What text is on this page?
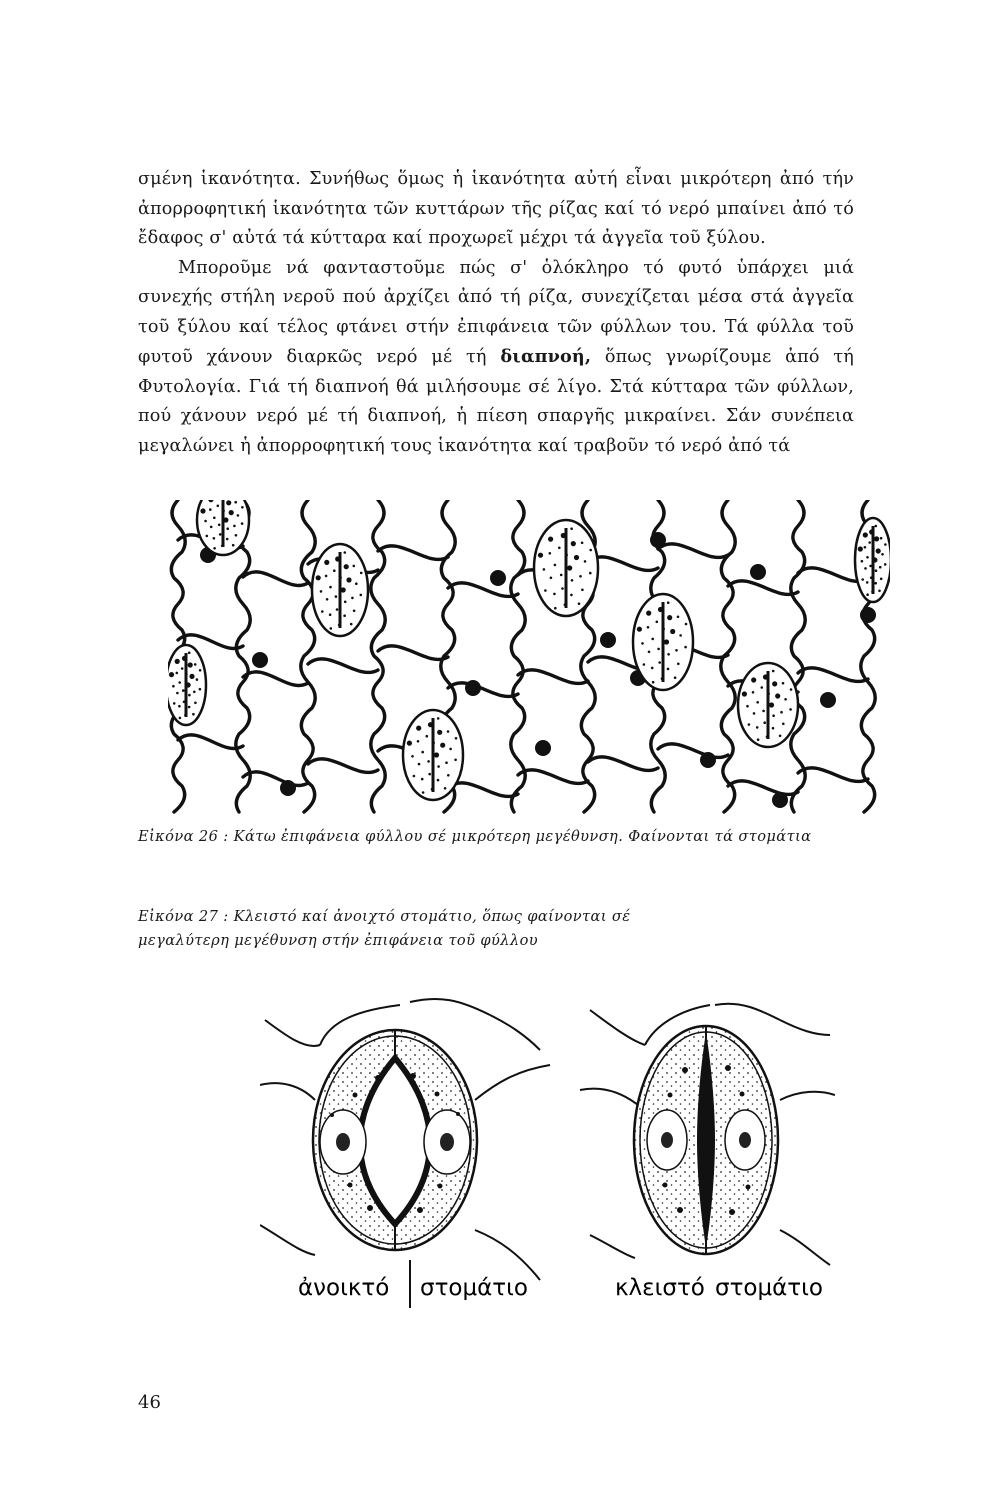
σμένη ἱκανότητα. Συνήθως ὅμως ἡ ἱκανότητα αὐτή εἶναι μικρότερη ἀπό τήν ἀπορροφητική ἱκανότητα τῶν κυττάρων τῆς ρίζας καί τό νερό μπαίνει ἀπό τό ἔδαφος σ' αὐτά τά κύτταρα καί προχωρεῖ μέχρι τά ἀγγεῖα τοῦ ξύλου.

Μποροῦμε νά φανταστοῦμε πώς σ' ὁλόκληρο τό φυτό ὑπάρχει μιά συνεχής στήλη νεροῦ πού ἀρχίζει ἀπό τή ρίζα, συνεχίζεται μέσα στά ἀγγεῖα τοῦ ξύλου καί τέλος φτάνει στήν ἐπιφάνεια τῶν φύλλων του. Τά φύλλα τοῦ φυτοῦ χάνουν διαρκῶς νερό μέ τή διαπνοή, ὅπως γνωρίζουμε ἀπό τή Φυτολογία. Γιά τή διαπνοή θά μιλήσουμε σέ λίγο. Στά κύτταρα τῶν φύλλων, πού χάνουν νερό μέ τή διαπνοή, ἡ πίεση σπαργῆς μικραίνει. Σάν συνέπεια μεγαλώνει ἡ ἀπορροφητική τους ἱκανότητα καί τραβοῦν τό νερό ἀπό τά

Εἰκόνα 26 : Κάτω ἐπιφάνεια φύλλου σέ μικρότερη μεγέθυνση. Φαίνονται τά στομάτια
Εἰκόνα 27 : Κλειστό καί ἀνοιχτό στομάτιο, ὅπως φαίνονται σέ
μεγαλύτερη μεγέθυνση στήν ἐπιφάνεια τοῦ φύλλου
ἀνοικτό στομάτιο	κλειστό στομάτιο
46
